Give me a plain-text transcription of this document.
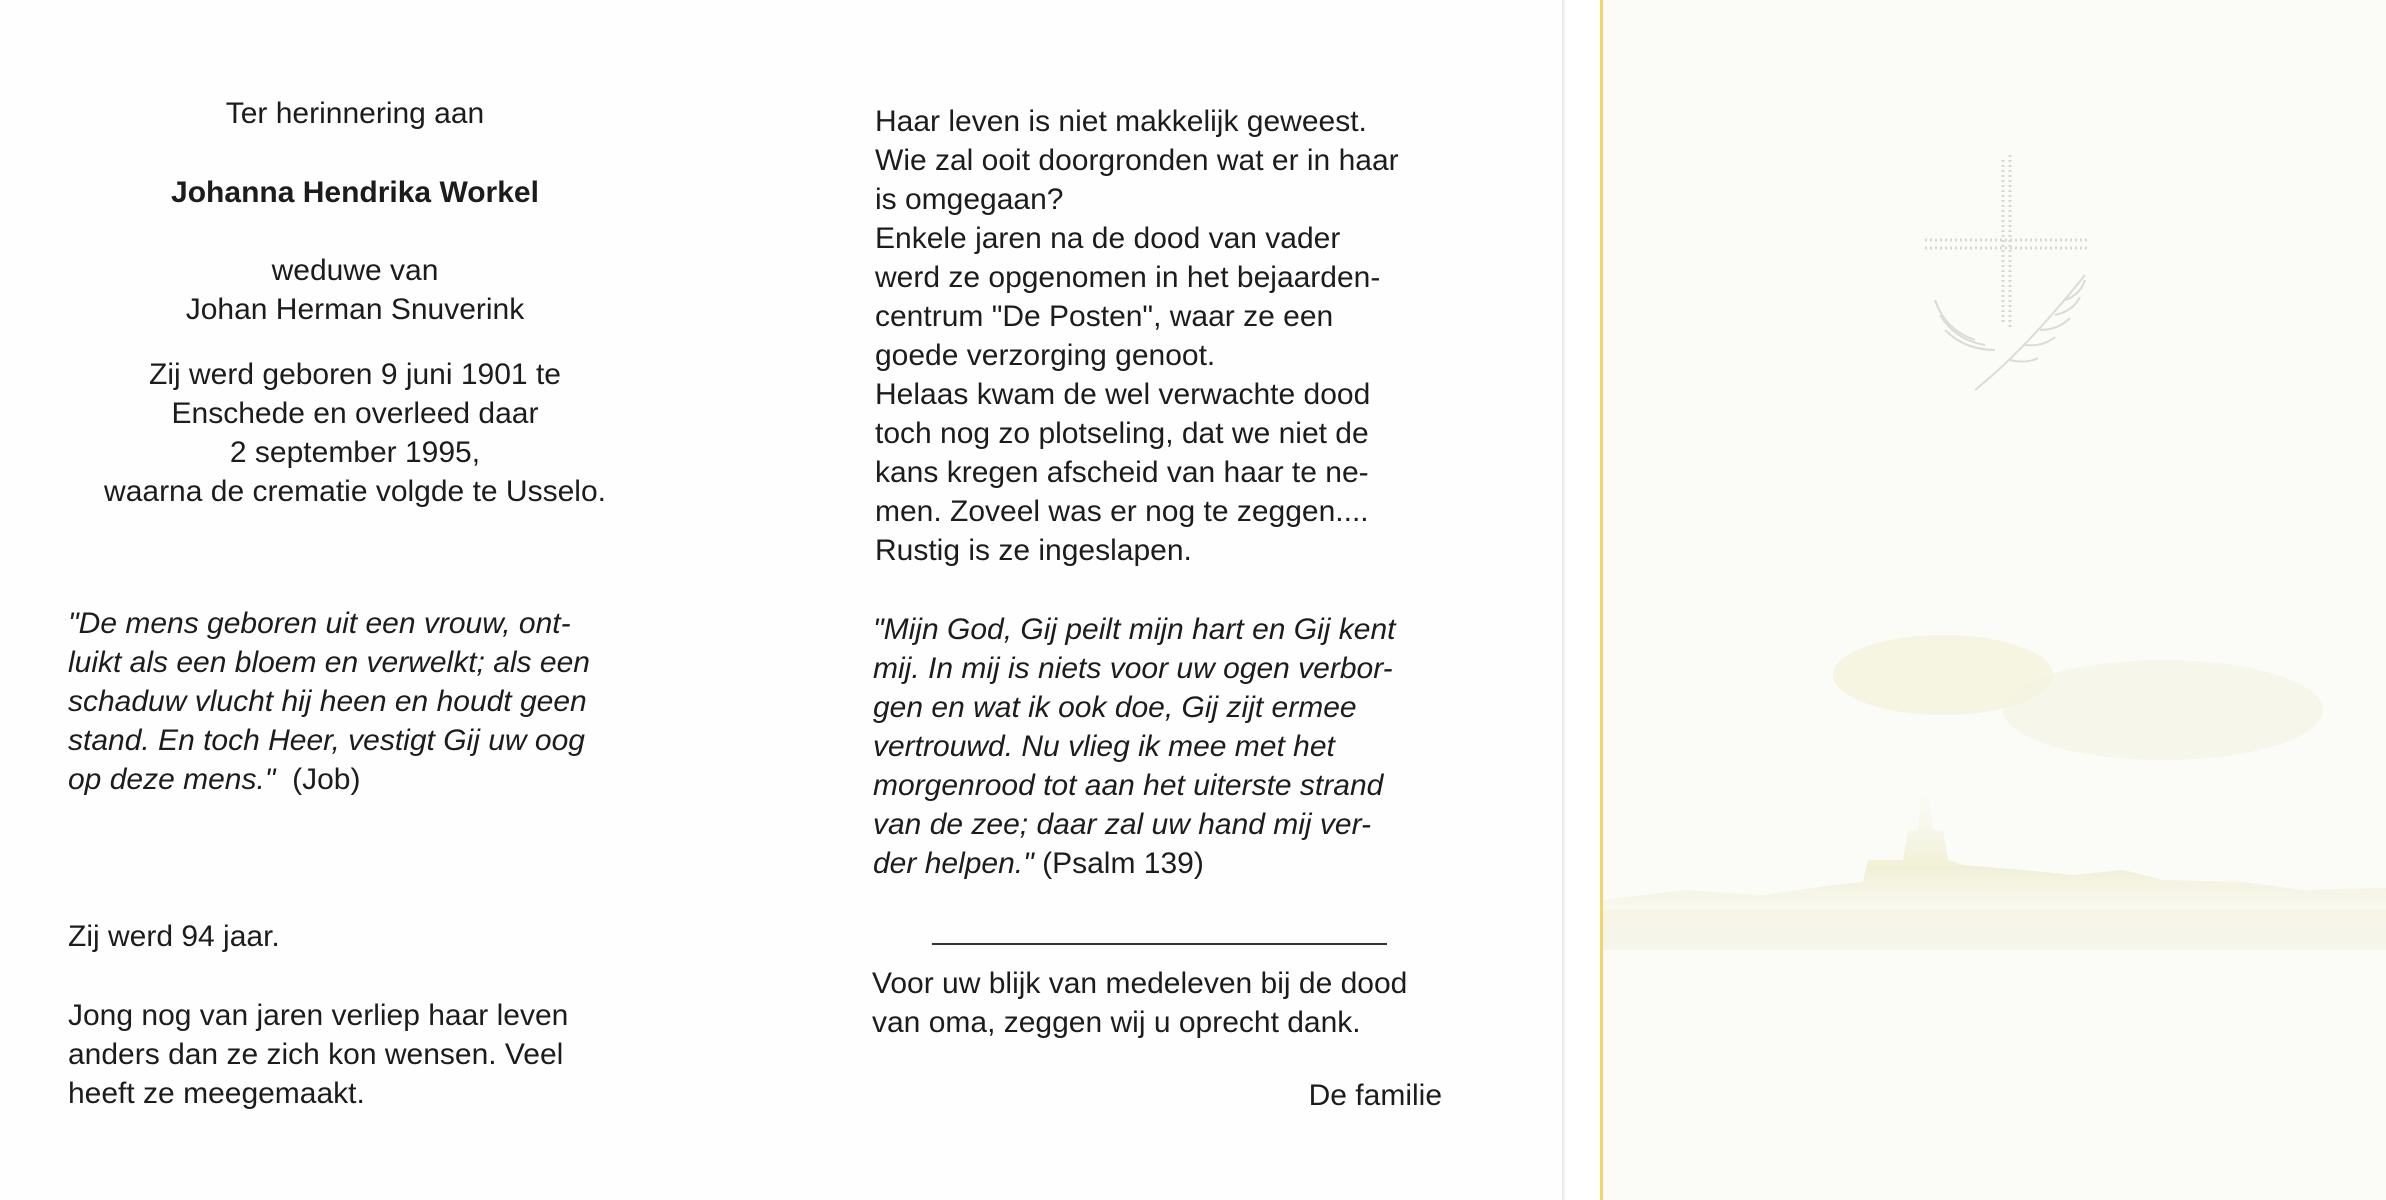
Ter herinnering aan

Johanna Hendrika Workel

weduwe van

Johan Herman Snuverink

Zij werd geboren 9 juni 1901 te

Enschede en overleed daar

2 september 1995,

waarna de crematie volgde te Usselo.

"De mens geboren uit een vrouw, ont-

luikt als een bloem en verwelkt; als een

schaduw vlucht hij heen en houdt geen

stand. En toch Heer, vestigt Gij uw oog

op deze mens." (Job)

Zij werd 94 jaar.

Jong nog van jaren verliep haar leven

anders dan ze zich kon wensen. Veel

heeft ze meegemaakt.

Haar leven is niet makkelijk geweest.

Wie zal ooit doorgronden wat er in haar

is omgegaan?

Enkele jaren na de dood van vader

werd ze opgenomen in het bejaarden-

centrum "De Posten", waar ze een

goede verzorging genoot.

Helaas kwam de wel verwachte dood

toch nog zo plotseling, dat we niet de

kans kregen afscheid van haar te ne-

men. Zoveel was er nog te zeggen....

Rustig is ze ingeslapen.

"Mijn God, Gij peilt mijn hart en Gij kent

mij. In mij is niets voor uw ogen verbor-

gen en wat ik ook doe, Gij zijt ermee

vertrouwd. Nu vlieg ik mee met het

morgenrood tot aan het uiterste strand

van de zee; daar zal uw hand mij ver-

der helpen." (Psalm 139)

Voor uw blijk van medeleven bij de dood

van oma, zeggen wij u oprecht dank.

De familie
